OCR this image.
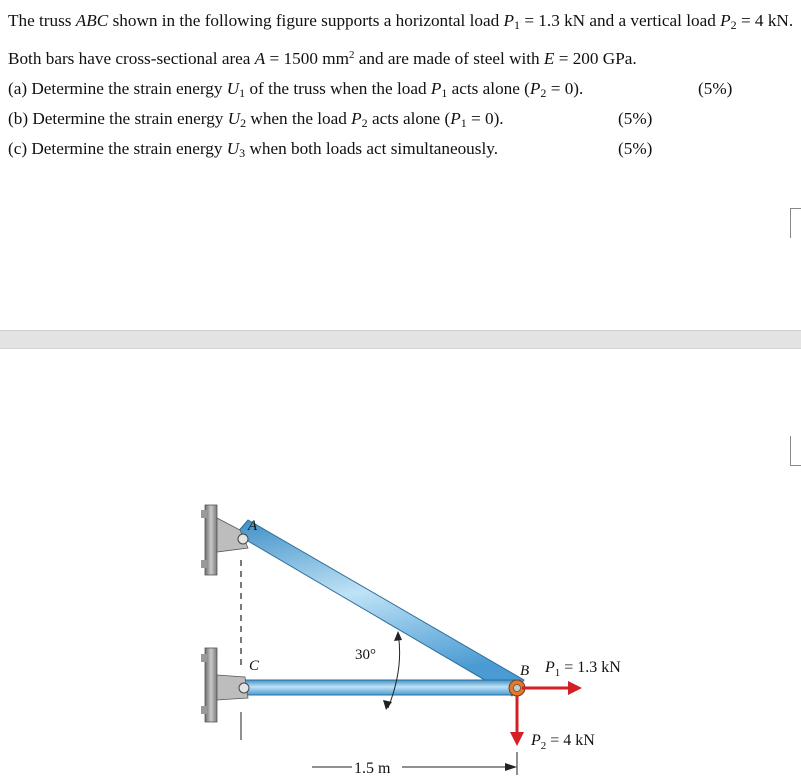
The truss ABC shown in the following figure supports a horizontal load $P_1 = 1.3$ kN and a vertical load $P_2 = 4$ kN. Both bars have cross-sectional area A = 1500 $mm^2$ and are made of steel with E = 200 GPa.

(a) Determine the strain energy $U_1$ of the truss when the load $P_1$ acts alone $(P_2 = 0)$.	(5%)
(b) Determine the strain energy $U_2$ when the load $P_2$ acts alone $(P_1 = 0)$.	(5%)
(c) Determine the strain energy $U_3$ when both loads act simultaneously.	(5%)
A
C	B
30°
$P_1 = 1.3$ kN
$P_2 = 4$ kN
1.5 m
